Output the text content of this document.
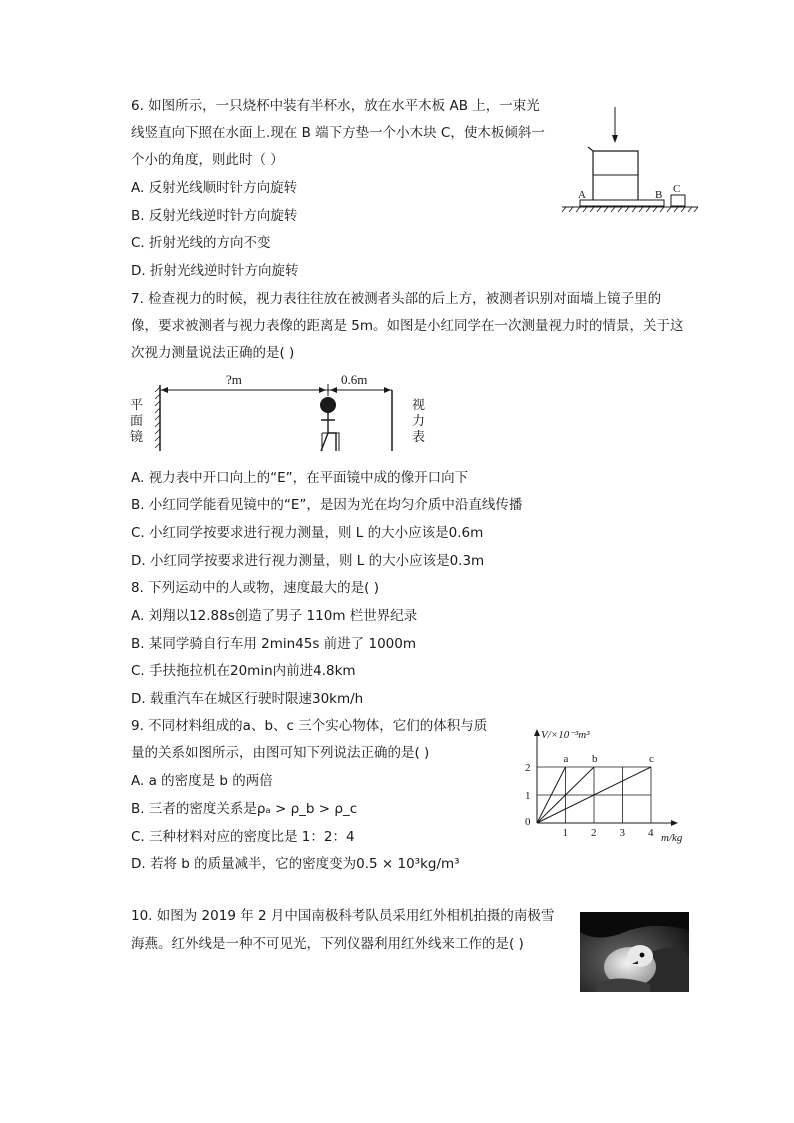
6. 如图所示，一只烧杯中装有半杯水，放在水平木板 AB 上，一束光
线竖直向下照在水面上.现在 B 端下方垫一个小木块 C，使木板倾斜一
个小的角度，则此时（ ）
A. 反射光线顺时针方向旋转
B. 反射光线逆时针方向旋转
C. 折射光线的方向不变
D. 折射光线逆时针方向旋转
A	B C
7. 检查视力的时候，视力表往往放在被测者头部的后上方，被测者识别对面墙上镜子里的
像，要求被测者与视力表像的距离是 5m。如图是小红同学在一次测量视力时的情景，关于这
次视力测量说法正确的是( )
平
面
镜
?m	0.6m
视
力
表
A. 视力表中开口向上的“E”，在平面镜中成的像开口向下
B. 小红同学能看见镜中的“E”，是因为光在均匀介质中沿直线传播
C. 小红同学按要求进行视力测量，则 L 的大小应该是0.6m
D. 小红同学按要求进行视力测量，则 L 的大小应该是0.3m
8. 下列运动中的人或物，速度最大的是( )
A. 刘翔以12.88s创造了男子 110m 栏世界纪录
B. 某同学骑自行车用 2min45s 前进了 1000m
C. 手扶拖拉机在20min内前进4.8km
D. 载重汽车在城区行驶时限速30km/h
9. 不同材料组成的a、b、c 三个实心物体，它们的体积与质
量的关系如图所示，由图可知下列说法正确的是( )
A. a 的密度是 b 的两倍
B. 三者的密度关系是ρₐ > ρ_b > ρ_c
C. 三种材料对应的密度比是 1：2：4
D. 若将 b 的质量减半，它的密度变为0.5 × 10³kg/m³
V/×10⁻³m³
m/kg
a b	c
1 2 3 4
0
1
2
10. 如图为 2019 年 2 月中国南极科考队员采用红外相机拍摄的南极雪
海燕。红外线是一种不可见光，下列仪器利用红外线来工作的是( )
